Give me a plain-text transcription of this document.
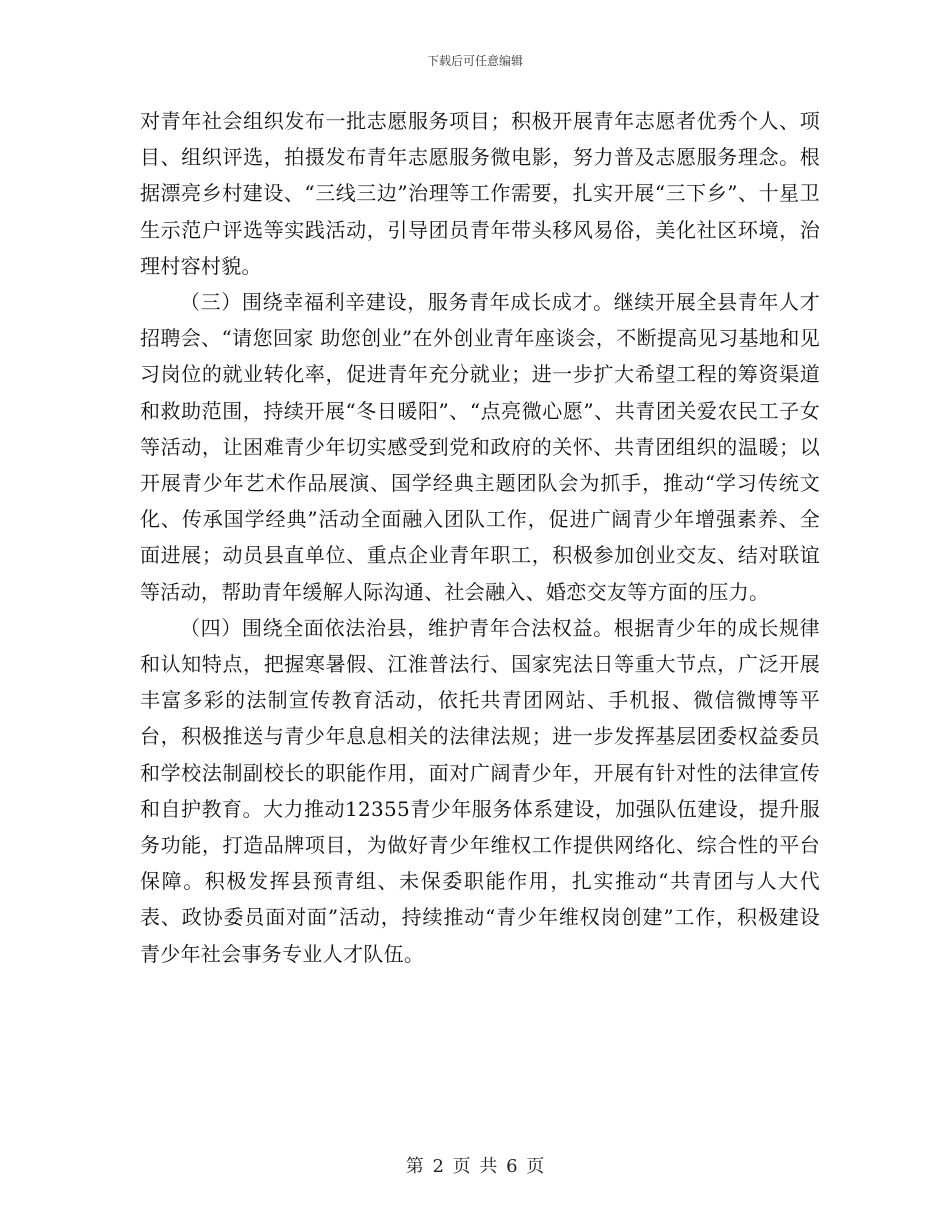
下载后可任意编辑

对青年社会组织发布一批志愿服务项目；积极开展青年志愿者优秀个人、项目、组织评选，拍摄发布青年志愿服务微电影，努力普及志愿服务理念。根据漂亮乡村建设、“三线三边”治理等工作需要，扎实开展“三下乡”、十星卫生示范户评选等实践活动，引导团员青年带头移风易俗，美化社区环境，治理村容村貌。

（三）围绕幸福利辛建设，服务青年成长成才。继续开展全县青年人才招聘会、“请您回家 助您创业”在外创业青年座谈会，不断提高见习基地和见习岗位的就业转化率，促进青年充分就业；进一步扩大希望工程的筹资渠道和救助范围，持续开展“冬日暖阳”、“点亮微心愿”、共青团关爱农民工子女等活动，让困难青少年切实感受到党和政府的关怀、共青团组织的温暖；以开展青少年艺术作品展演、国学经典主题团队会为抓手，推动“学习传统文化、传承国学经典”活动全面融入团队工作，促进广阔青少年增强素养、全面进展；动员县直单位、重点企业青年职工，积极参加创业交友、结对联谊等活动，帮助青年缓解人际沟通、社会融入、婚恋交友等方面的压力。

（四）围绕全面依法治县，维护青年合法权益。根据青少年的成长规律和认知特点，把握寒暑假、江淮普法行、国家宪法日等重大节点，广泛开展丰富多彩的法制宣传教育活动，依托共青团网站、手机报、微信微博等平台，积极推送与青少年息息相关的法律法规；进一步发挥基层团委权益委员和学校法制副校长的职能作用，面对广阔青少年，开展有针对性的法律宣传和自护教育。大力推动12355青少年服务体系建设，加强队伍建设，提升服务功能，打造品牌项目，为做好青少年维权工作提供网络化、综合性的平台保障。积极发挥县预青组、未保委职能作用，扎实推动“共青团与人大代表、政协委员面对面”活动，持续推动“青少年维权岗创建”工作，积极建设青少年社会事务专业人才队伍。

第 2 页 共 6 页
